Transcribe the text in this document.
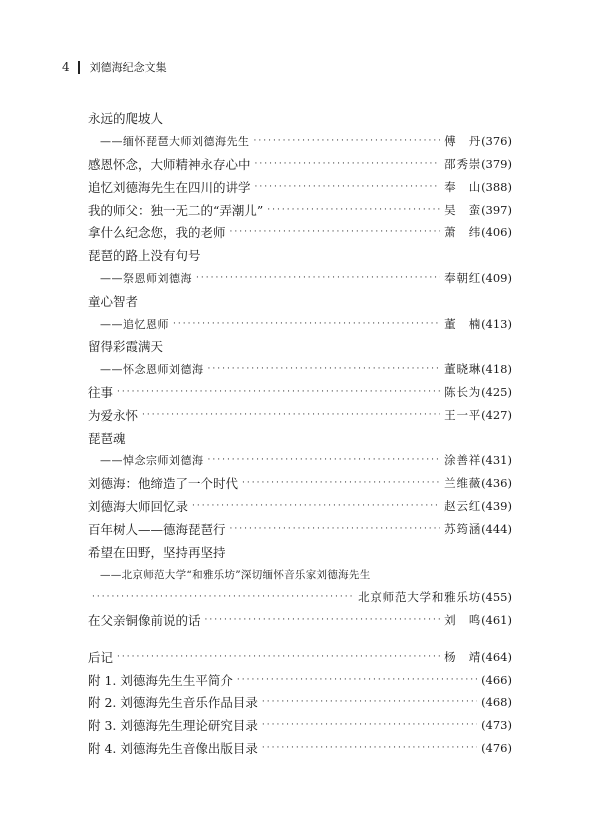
4 刘德海纪念文集
永远的爬坡人
——缅怀琵琶大师刘德海先生 ·····	傅　丹 (376)
感恩怀念，大师精神永存心中 ·····	邵秀崇 (379)
追忆刘德海先生在四川的讲学 ·····	奉　山 (388)
我的师父：独一无二的“弄潮儿” ·····	吴　蛮 (397)
拿什么纪念您，我的老师 ·····	萧　纬 (406)
琵琶的路上没有句号
——祭恩师刘德海 ·····	奉朝红 (409)
童心智者
——追忆恩师 ·····	董　楠 (413)
留得彩霞满天
——怀念恩师刘德海 ·····	董晓琳 (418)
往事 ·····	陈长为 (425)
为爱永怀 ·····	王一平 (427)
琵琶魂
——悼念宗师刘德海 ·····	涂善祥 (431)
刘德海：他缔造了一个时代 ·····	兰维薇 (436)
刘德海大师回忆录 ·····	赵云红 (439)
百年树人——德海琵琶行 ·····	苏筠涵 (444)
希望在田野，坚持再坚持
——北京师范大学“和雅乐坊”深切缅怀音乐家刘德海先生
·····
北京师范大学和雅乐坊 (455)
在父亲铜像前说的话 ·····	刘　鸣 (461)
后记 ·····	杨　靖 (464)
附 1. 刘德海先生生平简介 ·····	(466)
附 2. 刘德海先生音乐作品目录 ·····	(468)
附 3. 刘德海先生理论研究目录 ·····	(473)
附 4. 刘德海先生音像出版目录 ·····	(476)
